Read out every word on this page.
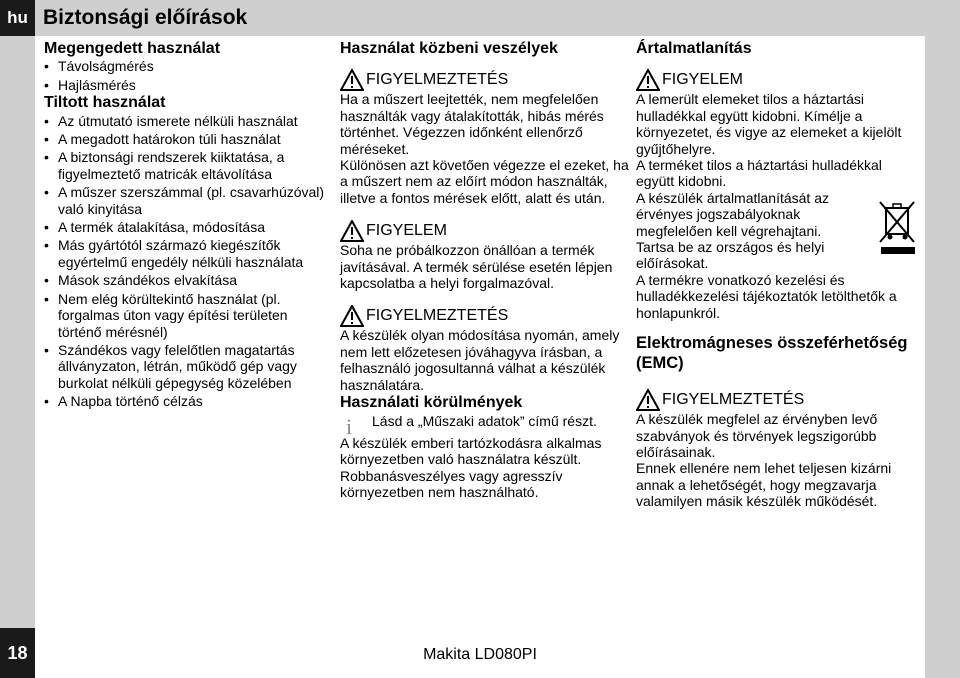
hu Biztonsági előírások
18	Makita LD080PI
Megengedett használat
• Távolságmérés
• Hajlásmérés
Tiltott használat
• Az útmutató ismerete nélküli használat
• A megadott határokon túli használat
• A biztonsági rendszerek kiiktatása, a figyelmeztető matricák eltávolítása
• A műszer szerszámmal (pl. csavarhúzóval) való kinyitása
• A termék átalakítása, módosítása
• Más gyártótól származó kiegészítők egyértelmű engedély nélküli használata
• Mások szándékos elvakítása
• Nem elég körültekintő használat (pl. forgalmas úton vagy építési területen történő mérésnél)
• Szándékos vagy felelőtlen magatartás állványzaton, létrán, működő gép vagy burkolat nélküli gépegység közelében
• A Napba történő célzás
Használat közbeni veszélyek
FIGYELMEZTETÉS

Ha a műszert leejtették, nem megfelelően használták vagy átalakították, hibás mérés történhet. Végezzen időnként ellenőrző méréseket.

Különösen azt követően végezze el ezeket, ha a műszert nem az előírt módon használták, illetve a fontos mérések előtt, alatt és után.

FIGYELEM

Soha ne próbálkozzon önállóan a termék javításával. A termék sérülése esetén lépjen kapcsolatba a helyi forgalmazóval.

FIGYELMEZTETÉS

A készülék olyan módosítása nyomán, amely nem lett előzetesen jóváhagyva írásban, a felhasználó jogosultanná válhat a készülék használatára.

Használati körülmények
i	Lásd a „Műszaki adatok” című részt.

A készülék emberi tartózkodásra alkalmas környezetben való használatra készült. Robbanásveszélyes vagy agresszív környezetben nem használható.

Ártalmatlanítás
FIGYELEM

A lemerült elemeket tilos a háztartási hulladékkal együtt kidobni. Kímélje a környezetet, és vigye az elemeket a kijelölt gyűjtőhelyre.

A terméket tilos a háztartási hulladékkal együtt kidobni.

A készülék ártalmatlanítását az érvényes jogszabályoknak megfelelően kell végrehajtani.

Tartsa be az országos és helyi előírásokat.

A termékre vonatkozó kezelési és hulladékkezelési tájékoztatók letölthetők a honlapunkról.

Elektromágneses összeférhetőség (EMC)
FIGYELMEZTETÉS

A készülék megfelel az érvényben levő szabványok és törvények legszigorúbb előírásainak.

Ennek ellenére nem lehet teljesen kizárni annak a lehetőségét, hogy megzavarja valamilyen másik készülék működését.
